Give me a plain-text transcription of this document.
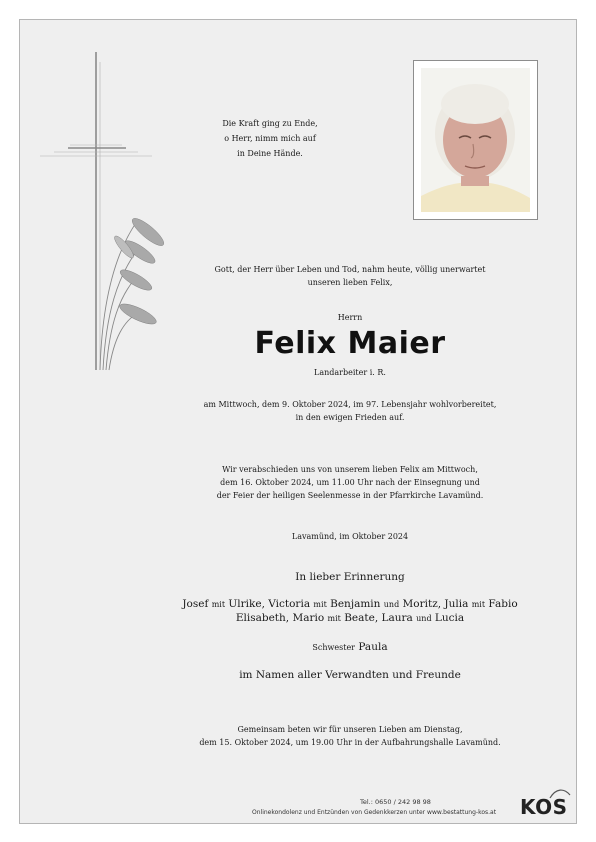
Die Kraft ging zu Ende,
o Herr, nimm mich auf
in Deine Hände.
Gott, der Herr über Leben und Tod, nahm heute, völlig unerwartet
unseren lieben Felix,
Herrn
Felix Maier
Landarbeiter i. R.
am Mittwoch, dem 9. Oktober 2024, im 97. Lebensjahr wohlvorbereitet,
in den ewigen Frieden auf.
Wir verabschieden uns von unserem lieben Felix am Mittwoch,
dem 16. Oktober 2024, um 11.00 Uhr nach der Einsegnung und
der Feier der heiligen Seelenmesse in der Pfarrkirche Lavamünd.
Lavamünd, im Oktober 2024
In lieber Erinnerung
Josef mit Ulrike, Victoria mit Benjamin und Moritz, Julia mit Fabio
Elisabeth, Mario mit Beate, Laura und Lucia
Schwester Paula
im Namen aller Verwandten und Freunde
Gemeinsam beten wir für unseren Lieben am Dienstag,
dem 15. Oktober 2024, um 19.00 Uhr in der Aufbahrungshalle Lavamünd.
Tel.: 0650 / 242 98 98
Onlinekondolenz und Entzünden von Gedenkkerzen unter www.bestattung-kos.at KOS
